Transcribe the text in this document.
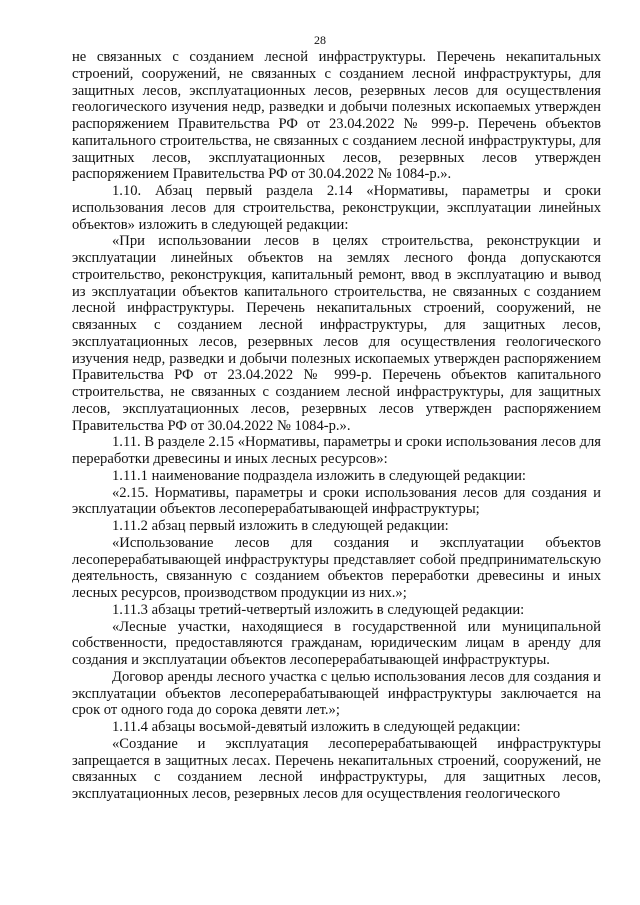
28

не связанных с созданием лесной инфраструктуры. Перечень некапитальных строений, сооружений, не связанных с созданием лесной инфраструктуры, для защитных лесов, эксплуатационных лесов, резервных лесов для осуществления геологического изучения недр, разведки и добычи полезных ископаемых утвержден распоряжением Правительства РФ от 23.04.2022 № 999-р. Перечень объектов капитального строительства, не связанных с созданием лесной инфраструктуры, для защитных лесов, эксплуатационных лесов, резервных лесов утвержден распоряжением Правительства РФ от 30.04.2022 № 1084-р.».

1.10. Абзац первый раздела 2.14 «Нормативы, параметры и сроки использования лесов для строительства, реконструкции, эксплуатации линейных объектов» изложить в следующей редакции:

«При использовании лесов в целях строительства, реконструкции и эксплуатации линейных объектов на землях лесного фонда допускаются строительство, реконструкция, капитальный ремонт, ввод в эксплуатацию и вывод из эксплуатации объектов капитального строительства, не связанных с созданием лесной инфраструктуры. Перечень некапитальных строений, сооружений, не связанных с созданием лесной инфраструктуры, для защитных лесов, эксплуатационных лесов, резервных лесов для осуществления геологического изучения недр, разведки и добычи полезных ископаемых утвержден распоряжением Правительства РФ от 23.04.2022 № 999-р. Перечень объектов капитального строительства, не связанных с созданием лесной инфраструктуры, для защитных лесов, эксплуатационных лесов, резервных лесов утвержден распоряжением Правительства РФ от 30.04.2022 № 1084-р.».

1.11. В разделе 2.15 «Нормативы, параметры и сроки использования лесов для переработки древесины и иных лесных ресурсов»:

1.11.1 наименование подраздела изложить в следующей редакции:

«2.15. Нормативы, параметры и сроки использования лесов для создания и эксплуатации объектов лесоперерабатывающей инфраструктуры;

1.11.2 абзац первый изложить в следующей редакции:

«Использование лесов для создания и эксплуатации объектов лесоперерабатывающей инфраструктуры представляет собой предпринимательскую деятельность, связанную с созданием объектов переработки древесины и иных лесных ресурсов, производством продукции из них.»;

1.11.3 абзацы третий-четвертый изложить в следующей редакции:

«Лесные участки, находящиеся в государственной или муниципальной собственности, предоставляются гражданам, юридическим лицам в аренду для создания и эксплуатации объектов лесоперерабатывающей инфраструктуры.

Договор аренды лесного участка с целью использования лесов для создания и эксплуатации объектов лесоперерабатывающей инфраструктуры заключается на срок от одного года до сорока девяти лет.»;

1.11.4 абзацы восьмой-девятый изложить в следующей редакции:

«Создание и эксплуатация лесоперерабатывающей инфраструктуры запрещается в защитных лесах. Перечень некапитальных строений, сооружений, не связанных с созданием лесной инфраструктуры, для защитных лесов, эксплуатационных лесов, резервных лесов для осуществления геологического
